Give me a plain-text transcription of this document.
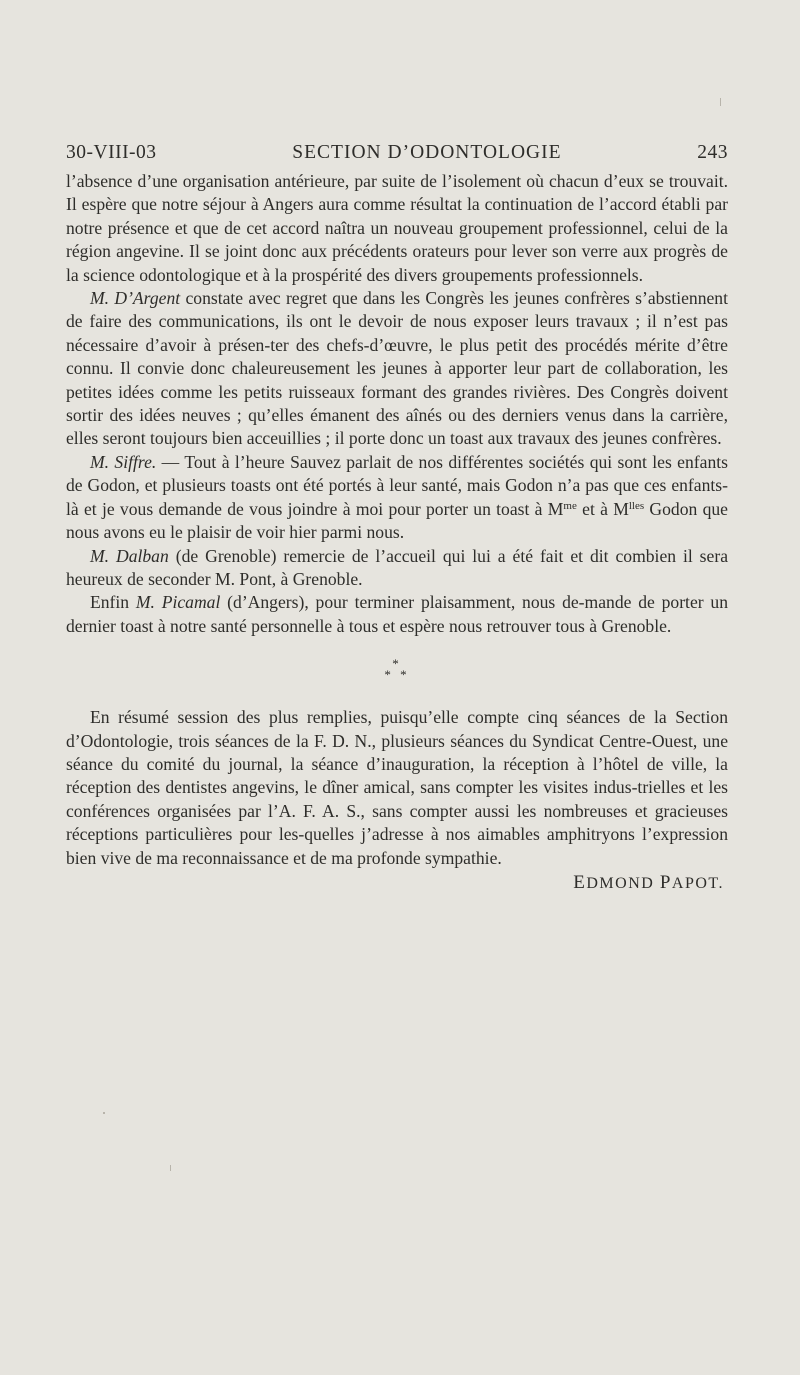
30-VIII-03	SECTION D’ODONTOLOGIE	243

l’absence d’une organisation antérieure, par suite de l’isolement où chacun d’eux se trouvait. Il espère que notre séjour à Angers aura comme résultat la continuation de l’accord établi par notre présence et que de cet accord naîtra un nouveau groupement professionnel, celui de la région angevine. Il se joint donc aux précédents orateurs pour lever son verre aux progrès de la science odontologique et à la prospérité des divers groupements professionnels.

M. D’Argent constate avec regret que dans les Congrès les jeunes confrères s’abstiennent de faire des communications, ils ont le devoir de nous exposer leurs travaux ; il n’est pas nécessaire d’avoir à présen-ter des chefs-d’œuvre, le plus petit des procédés mérite d’être connu. Il convie donc chaleureusement les jeunes à apporter leur part de collaboration, les petites idées comme les petits ruisseaux formant des grandes rivières. Des Congrès doivent sortir des idées neuves ; qu’elles émanent des aînés ou des derniers venus dans la carrière, elles seront toujours bien acceuillies ; il porte donc un toast aux travaux des jeunes confrères.

M. Siffre. — Tout à l’heure Sauvez parlait de nos différentes sociétés qui sont les enfants de Godon, et plusieurs toasts ont été portés à leur santé, mais Godon n’a pas que ces enfants-là et je vous demande de vous joindre à moi pour porter un toast à $M^{me}$ et à $M^{lles}$ Godon que nous avons eu le plaisir de voir hier parmi nous.

M. Dalban (de Grenoble) remercie de l’accueil qui lui a été fait et dit combien il sera heureux de seconder M. Pont, à Grenoble.

Enfin M. Picamal (d’Angers), pour terminer plaisamment, nous de-mande de porter un dernier toast à notre santé personnelle à tous et espère nous retrouver tous à Grenoble.

*
* *

En résumé session des plus remplies, puisqu’elle compte cinq séances de la Section d’Odontologie, trois séances de la F. D. N., plusieurs séances du Syndicat Centre-Ouest, une séance du comité du journal, la séance d’inauguration, la réception à l’hôtel de ville, la réception des dentistes angevins, le dîner amical, sans compter les visites indus-trielles et les conférences organisées par l’A. F. A. S., sans compter aussi les nombreuses et gracieuses réceptions particulières pour les-quelles j’adresse à nos aimables amphitryons l’expression bien vive de ma reconnaissance et de ma profonde sympathie.

EDMOND PAPOT.
